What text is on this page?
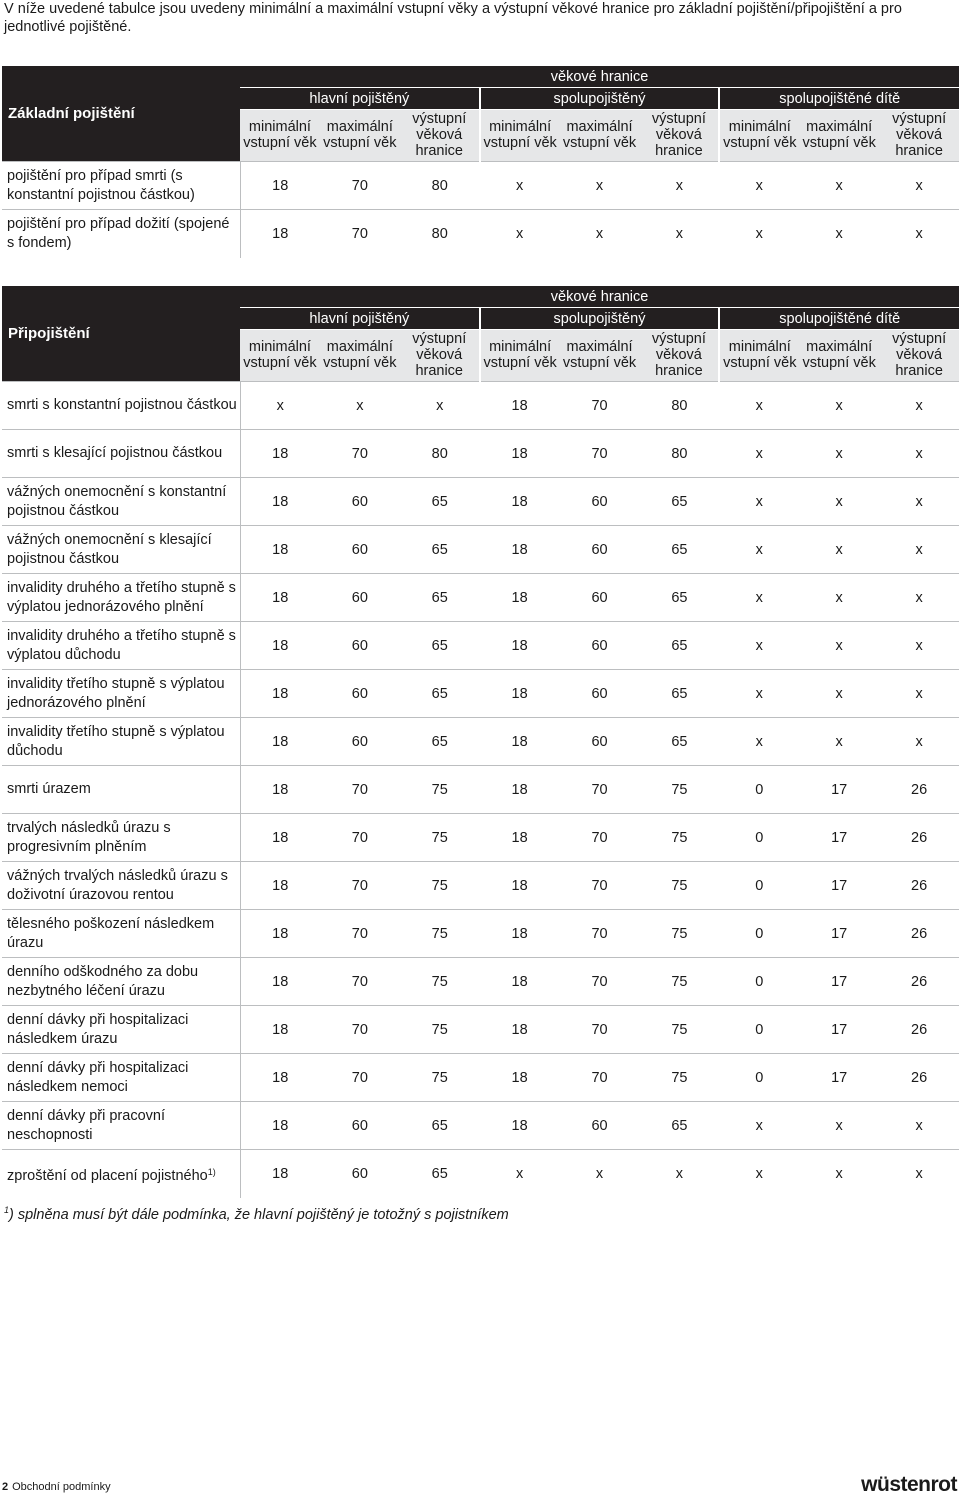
V níže uvedené tabulce jsou uvedeny minimální a maximální vstupní věky a výstupní věkové hranice pro základní pojištění/připojištění a pro jednotlivé pojištěné.
Základní pojištění	věkové hranice								
	hlavní pojištěný			spolupojištěný			spolupojištěné dítě		
	minimální vstupní věk	maximální vstupní věk	výstupní věková hranice	minimální vstupní věk	maximální vstupní věk	výstupní věková hranice	minimální vstupní věk	maximální vstupní věk	výstupní věková hranice
pojištění pro případ smrti (s konstantní pojistnou částkou)	18	70	80	x	x	x	x	x	x
pojištění pro případ dožití (spojené s fondem)	18	70	80	x	x	x	x	x	x
Připojištění	věkové hranice								
	hlavní pojištěný			spolupojištěný			spolupojištěné dítě		
	minimální vstupní věk	maximální vstupní věk	výstupní věková hranice	minimální vstupní věk	maximální vstupní věk	výstupní věková hranice	minimální vstupní věk	maximální vstupní věk	výstupní věková hranice
smrti s konstantní pojistnou částkou	x	x	x	18	70	80	x	x	x
smrti s klesající pojistnou částkou	18	70	80	18	70	80	x	x	x
vážných onemocnění s konstantní pojistnou částkou	18	60	65	18	60	65	x	x	x
vážných onemocnění s klesající pojistnou částkou	18	60	65	18	60	65	x	x	x
invalidity druhého a třetího stupně s výplatou jednorázového plnění	18	60	65	18	60	65	x	x	x
invalidity druhého a třetího stupně s výplatou důchodu	18	60	65	18	60	65	x	x	x
invalidity třetího stupně s výplatou jednorázového plnění	18	60	65	18	60	65	x	x	x
invalidity třetího stupně s výplatou důchodu	18	60	65	18	60	65	x	x	x
smrti úrazem	18	70	75	18	70	75	0	17	26
trvalých následků úrazu s progresivním plněním	18	70	75	18	70	75	0	17	26
vážných trvalých následků úrazu s doživotní úrazovou rentou	18	70	75	18	70	75	0	17	26
tělesného poškození následkem úrazu	18	70	75	18	70	75	0	17	26
denního odškodného za dobu nezbytného léčení úrazu	18	70	75	18	70	75	0	17	26
denní dávky při hospitalizaci následkem úrazu	18	70	75	18	70	75	0	17	26
denní dávky při hospitalizaci následkem nemoci	18	70	75	18	70	75	0	17	26
denní dávky při pracovní neschopnosti	18	60	65	18	60	65	x	x	x
zproštění od placení pojistného$^{1)}$	18	60	65	x	x	x	x	x	x
$^1$) splněna musí být dále podmínka, že hlavní pojištěný je totožný s pojistníkem
2 Obchodní podmínky	wüstenrot
